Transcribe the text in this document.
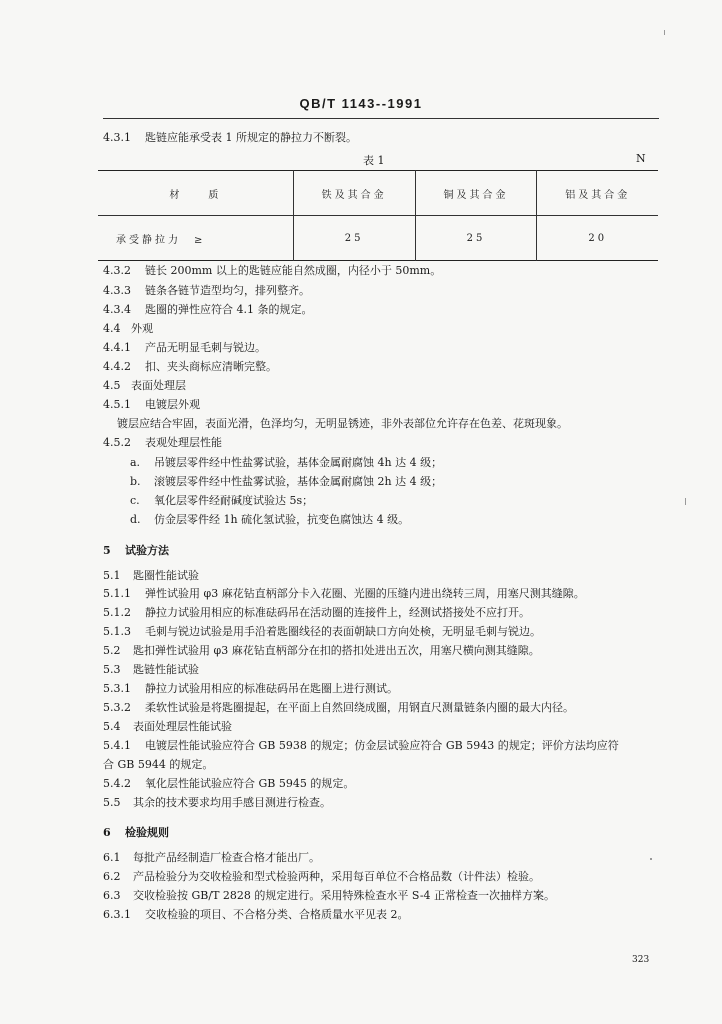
QB/T 1143--1991
4.3.1 匙链应能承受表 1 所规定的静拉力不断裂。
表 1	N
材　　质	铁及其合金	铜及其合金	铝及其合金
承受静拉力　≥	25	25	20
4.3.2 链长 200mm 以上的匙链应能自然成圈，内径小于 50mm。
4.3.3 链条各链节造型均匀，排列整齐。
4.3.4 匙圈的弹性应符合 4.1 条的规定。
4.4 外观
4.4.1 产品无明显毛刺与锐边。
4.4.2 扣、夹头商标应清晰完整。
4.5 表面处理层
4.5.1 电镀层外观
镀层应结合牢固，表面光滑，色泽均匀，无明显锈迹，非外表部位允许存在色差、花斑现象。
4.5.2 表观处理层性能
a. 吊镀层零件经中性盐雾试验，基体金属耐腐蚀 4h 达 4 级；
b. 滚镀层零件经中性盐雾试验，基体金属耐腐蚀 2h 达 4 级；
c. 氧化层零件经耐碱度试验达 5s；
d. 仿金层零件经 1h 硫化氢试验，抗变色腐蚀达 4 级。
5 试验方法
5.1 匙圈性能试验
5.1.1 弹性试验用 φ3 麻花钻直柄部分卡入花圈、光圈的压缝内进出绕转三周，用塞尺测其缝隙。
5.1.2 静拉力试验用相应的标准砝码吊在活动圈的连接件上，经测试搭接处不应打开。
5.1.3 毛刺与锐边试验是用手沿着匙圈线径的表面朝缺口方向处検，无明显毛刺与锐边。
5.2 匙扣弹性试验用 φ3 麻花钻直柄部分在扣的搭扣处进出五次，用塞尺横向测其缝隙。
5.3 匙链性能试验
5.3.1 静拉力试验用相应的标准砝码吊在匙圈上进行测试。
5.3.2 柔软性试验是将匙圈提起，在平面上自然回绕成圈，用钢直尺测量链条内圈的最大内径。
5.4 表面处理层性能试验
5.4.1 电镀层性能试验应符合 GB 5938 的规定；仿金层试验应符合 GB 5943 的规定；评价方法均应符
合 GB 5944 的规定。
5.4.2 氧化层性能试验应符合 GB 5945 的规定。
5.5 其余的技术要求均用手感目测进行检查。
6 检验规则
6.1 每批产品经制造厂检查合格才能出厂。
6.2 产品检验分为交收检验和型式检验两种，采用每百单位不合格品数（计件法）检验。
6.3 交收检验按 GB/T 2828 的规定进行。采用特殊检查水平 S-4 正常检查一次抽样方案。
6.3.1 交收检验的项目、不合格分类、合格质量水平见表 2。
323
